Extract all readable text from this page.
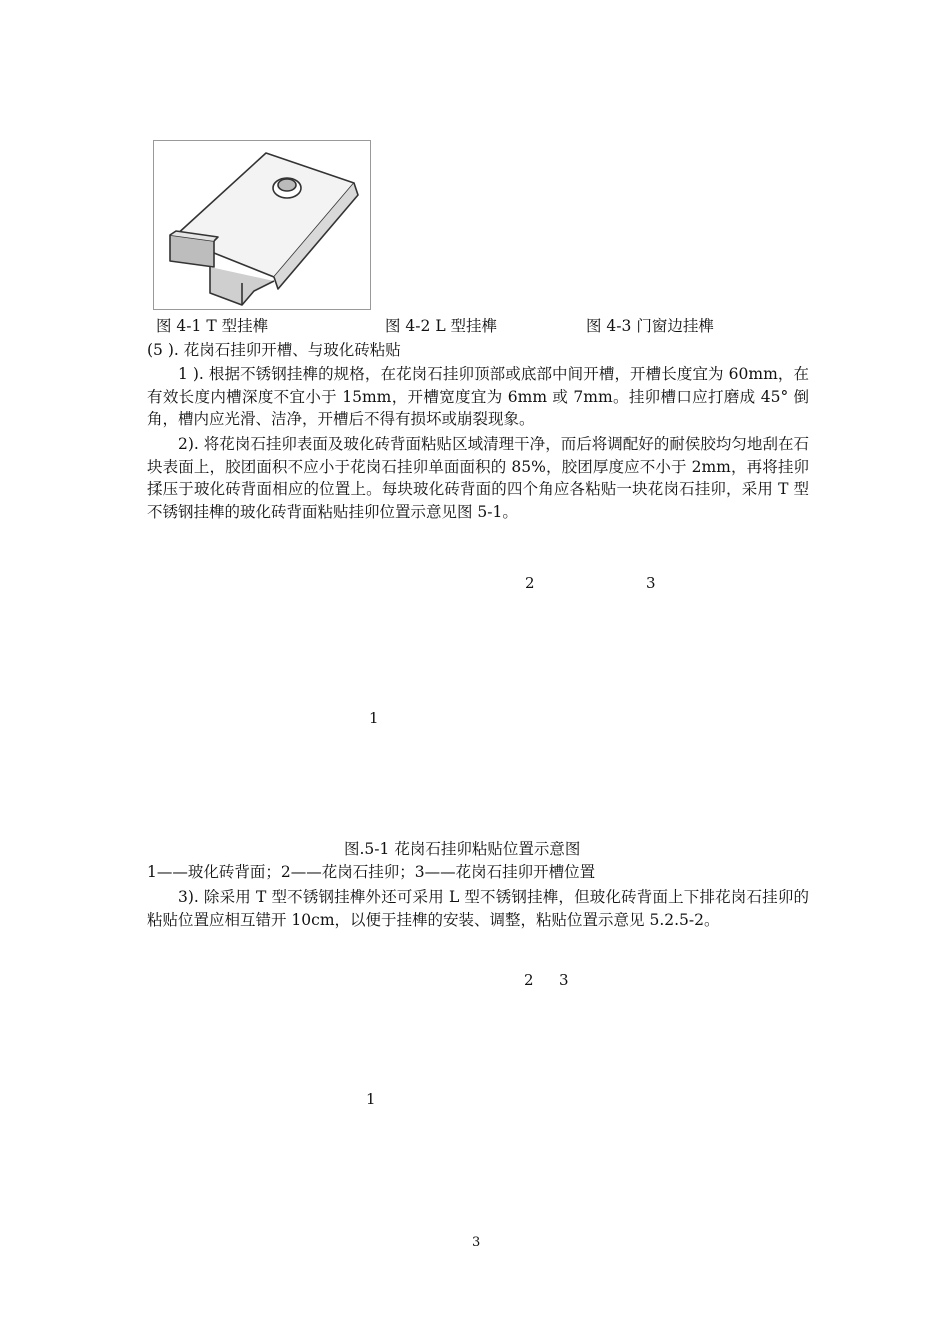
图 4-1 T 型挂榫	图 4-2 L 型挂榫	图 4-3 门窗边挂榫
(5 ). 花岗石挂卯开槽、与玻化砖粘贴
1 ). 根据不锈钢挂榫的规格，在花岗石挂卯顶部或底部中间开槽，开槽长度宜为 60mm，在有效长度内槽深度不宜小于 15mm，开槽宽度宜为 6mm 或 7mm。挂卯槽口应打磨成 45° 倒角，槽内应光滑、洁净，开槽后不得有损坏或崩裂现象。
2). 将花岗石挂卯表面及玻化砖背面粘贴区域清理干净，而后将调配好的耐侯胶均匀地刮在石块表面上，胶团面积不应小于花岗石挂卯单面面积的 85%，胶团厚度应不小于 2mm，再将挂卯揉压于玻化砖背面相应的位置上。每块玻化砖背面的四个角应各粘贴一块花岗石挂卯，采用 T 型不锈钢挂榫的玻化砖背面粘贴挂卯位置示意见图 5-1。
2	3
1
图.5-1 花岗石挂卯粘贴位置示意图
1——玻化砖背面；2——花岗石挂卯；3——花岗石挂卯开槽位置
3). 除采用 T 型不锈钢挂榫外还可采用 L 型不锈钢挂榫，但玻化砖背面上下排花岗石挂卯的粘贴位置应相互错开 10cm，以便于挂榫的安装、调整，粘贴位置示意见 5.2.5-2。
2 3
1
3
